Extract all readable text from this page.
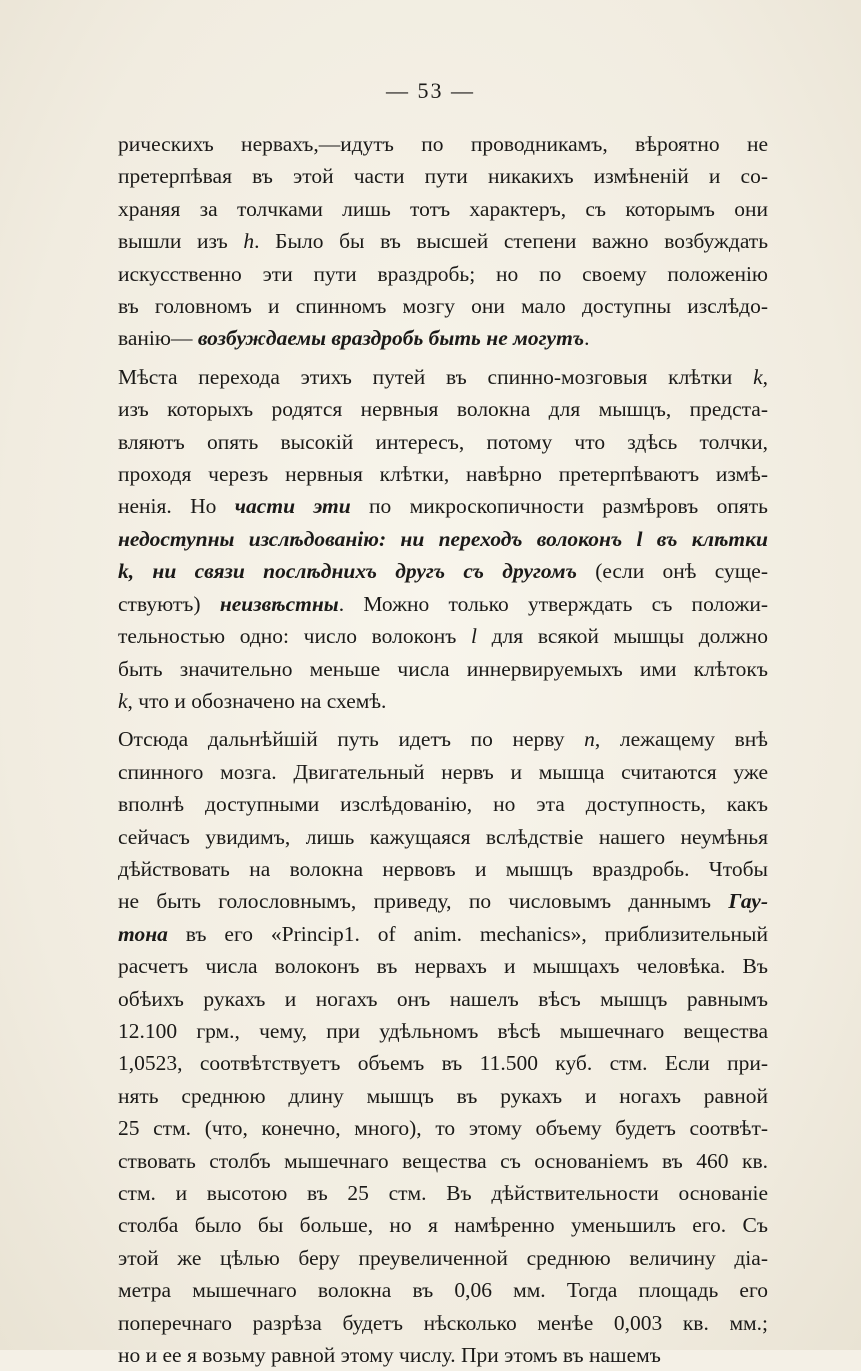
— 53 —
рическихъ нервахъ,—идутъ по проводникамъ, вѣроятно не
претерпѣвая въ этой части пути никакихъ измѣненій и со-
храняя за толчками лишь тотъ характеръ, съ которымъ они
вышли изъ h. Было бы въ высшей степени важно возбуждать
искусственно эти пути враздробь; но по своему положенію
въ головномъ и спинномъ мозгу они мало доступны изслѣдо-
ванію— возбуждаемы враздробь быть не могутъ.
Мѣста перехода этихъ путей въ спинно-мозговыя клѣтки k,
изъ которыхъ родятся нервныя волокна для мышцъ, предста-
вляютъ опять высокій интересъ, потому что здѣсь толчки,
проходя черезъ нервныя клѣтки, навѣрно претерпѣваютъ измѣ-
ненія. Но части эти по микроскопичности размѣровъ опять
недоступны изслѣдованію: ни переходъ волоконъ l въ клѣтки
k, ни связи послѣднихъ другъ съ другомъ (если онѣ суще-
ствуютъ) неизвѣстны. Можно только утверждать съ положи-
тельностью одно: число волоконъ l для всякой мышцы должно
быть значительно меньше числа иннервируемыхъ ими клѣтокъ
k, что и обозначено на схемѣ.
Отсюда дальнѣйшій путь идетъ по нерву n, лежащему внѣ
спинного мозга. Двигательный нервъ и мышца считаются уже
вполнѣ доступными изслѣдованію, но эта доступность, какъ
сейчасъ увидимъ, лишь кажущаяся вслѣдствіе нашего неумѣнья
дѣйствовать на волокна нервовъ и мышцъ враздробь. Чтобы
не быть голословнымъ, приведу, по числовымъ даннымъ Гау-
тона въ его «Princip1. of anim. mechanics», приблизительный
расчетъ числа волоконъ въ нервахъ и мышцахъ человѣка. Въ
обѣихъ рукахъ и ногахъ онъ нашелъ вѣсъ мышцъ равнымъ
12.100 грм., чему, при удѣльномъ вѣсѣ мышечнаго вещества
1,0523, соотвѣтствуетъ объемъ въ 11.500 куб. стм. Если при-
нять среднюю длину мышцъ въ рукахъ и ногахъ равной
25 стм. (что, конечно, много), то этому объему будетъ соотвѣт-
ствовать столбъ мышечнаго вещества съ основаніемъ въ 460 кв.
стм. и высотою въ 25 стм. Въ дѣйствительности основаніе
столба было бы больше, но я намѣренно уменьшилъ его. Съ
этой же цѣлью беру преувеличенной среднюю величину діа-
метра мышечнаго волокна въ 0,06 мм. Тогда площадь его
поперечнаго разрѣза будетъ нѣсколько менѣе 0,003 кв. мм.;
но и ее я возьму равной этому числу. При этомъ въ нашемъ
